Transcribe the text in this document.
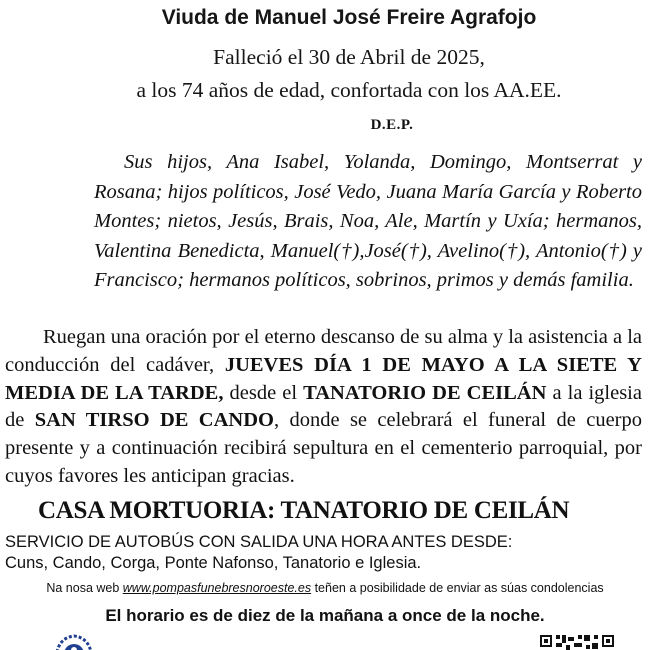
Viuda de Manuel José Freire Agrafojo
Falleció el 30 de Abril de 2025,
a los 74 años de edad, confortada con los AA.EE.
D.E.P.

Sus hijos, Ana Isabel, Yolanda, Domingo, Montserrat y Rosana; hijos políticos, José Vedo, Juana María García y Roberto Montes; nietos, Jesús, Brais, Noa, Ale, Martín y Uxía; hermanos, Valentina Benedicta, Manuel(†),José(†), Avelino(†), Antonio(†) y Francisco; hermanos políticos, sobrinos, primos y demás familia.

Ruegan una oración por el eterno descanso de su alma y la asistencia a la conducción del cadáver, JUEVES DÍA 1 DE MAYO A LA SIETE Y MEDIA DE LA TARDE, desde el TANATORIO DE CEILÁN a la iglesia de SAN TIRSO DE CANDO, donde se celebrará el funeral de cuerpo presente y a continuación recibirá sepultura en el cementerio parroquial, por cuyos favores les anticipan gracias.

CASA MORTUORIA: TANATORIO DE CEILÁN
SERVICIO DE AUTOBÚS CON SALIDA UNA HORA ANTES DESDE:
Cuns, Cando, Corga, Ponte Nafonso, Tanatorio e Iglesia.
Na nosa web www.pompasfunebresnoroeste.es teñen a posibilidade de enviar as súas condolencias
El horario es de diez de la mañana a once de la noche.
